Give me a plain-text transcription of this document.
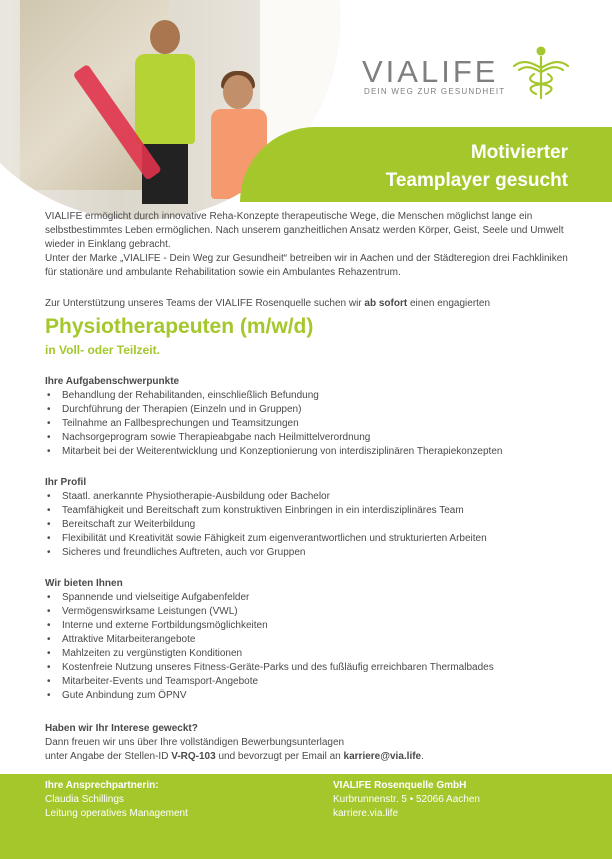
VIALIFE
DEIN WEG ZUR GESUNDHEIT
Motivierter
Teamplayer gesucht

VIALIFE ermöglicht durch innovative Reha-Konzepte therapeutische Wege, die Menschen möglichst lange ein selbstbestimmtes Leben ermöglichen. Nach unserem ganzheitlichen Ansatz werden Körper, Geist, Seele und Umwelt wieder in Einklang gebracht.

Unter der Marke „VIALIFE - Dein Weg zur Gesundheit“ betreiben wir in Aachen und der Städteregion drei Fachkliniken für stationäre und ambulante Rehabilitation sowie ein Ambulantes Rehazentrum.

Zur Unterstützung unseres Teams der VIALIFE Rosenquelle suchen wir ab sofort einen engagierten
Physiotherapeuten (m/w/d)
in Voll- oder Teilzeit.
Ihre Aufgabenschwerpunkte
• Behandlung der Rehabilitanden, einschließlich Befundung
• Durchführung der Therapien (Einzeln und in Gruppen)
• Teilnahme an Fallbesprechungen und Teamsitzungen
• Nachsorgeprogram sowie Therapieabgabe nach Heilmittelverordnung
• Mitarbeit bei der Weiterentwicklung und Konzeptionierung von interdisziplinären Therapiekonzepten
Ihr Profil
• Staatl. anerkannte Physiotherapie-Ausbildung oder Bachelor
• Teamfähigkeit und Bereitschaft zum konstruktiven Einbringen in ein interdisziplinäres Team
• Bereitschaft zur Weiterbildung
• Flexibilität und Kreativität sowie Fähigkeit zum eigenverantwortlichen und strukturierten Arbeiten
• Sicheres und freundliches Auftreten, auch vor Gruppen
Wir bieten Ihnen
• Spannende und vielseitige Aufgabenfelder
• Vermögenswirksame Leistungen (VWL)
• Interne und externe Fortbildungsmöglichkeiten
• Attraktive Mitarbeiterangebote
• Mahlzeiten zu vergünstigten Konditionen
• Kostenfreie Nutzung unseres Fitness-Geräte-Parks und des fußläufig erreichbaren Thermalbades
• Mitarbeiter-Events und Teamsport-Angebote
• Gute Anbindung zum ÖPNV
Haben wir Ihr Interese geweckt?
Dann freuen wir uns über Ihre vollständigen Bewerbungsunterlagen
unter Angabe der Stellen-ID V-RQ-103 und bevorzugt per Email an karriere@via.life.
Ihre Ansprechpartnerin:
Claudia Schillings
Leitung operatives Management
VIALIFE Rosenquelle GmbH
Kurbrunnenstr. 5 • 52066 Aachen
karriere.via.life
